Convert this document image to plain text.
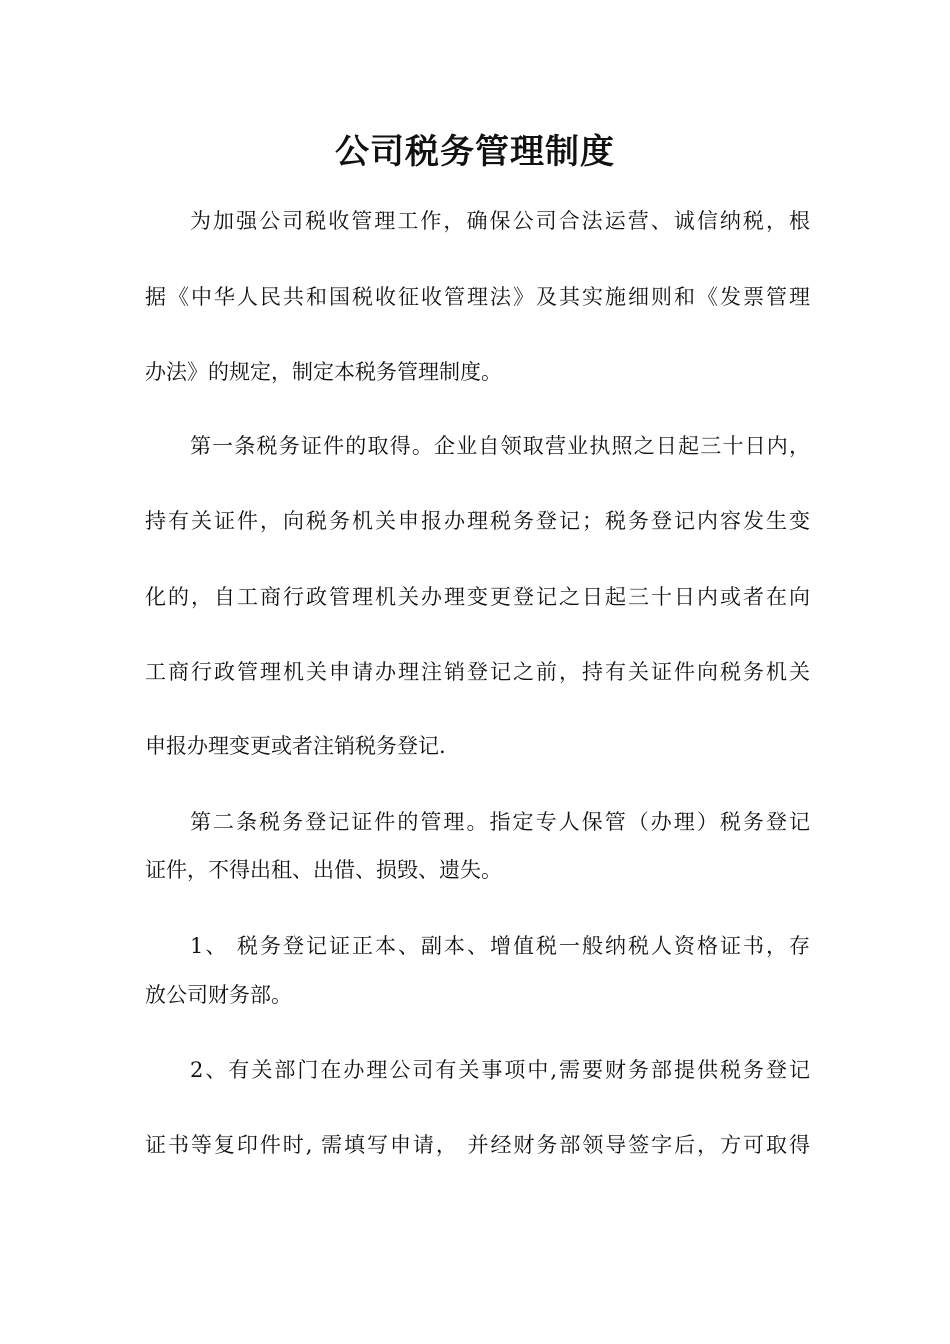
公司税务管理制度

为加强公司税收管理工作，确保公司合法运营、诚信纳税，根

据《中华人民共和国税收征收管理法》及其实施细则和《发票管理

办法》的规定，制定本税务管理制度。

第一条税务证件的取得。企业自领取营业执照之日起三十日内，

持有关证件，向税务机关申报办理税务登记；税务登记内容发生变

化的，自工商行政管理机关办理变更登记之日起三十日内或者在向

工商行政管理机关申请办理注销登记之前，持有关证件向税务机关

申报办理变更或者注销税务登记.

第二条税务登记证件的管理。指定专人保管（办理）税务登记

证件，不得出租、出借、损毁、遗失。

1、 税务登记证正本、副本、增值税一般纳税人资格证书，存

放公司财务部。

2、有关部门在办理公司有关事项中,需要财务部提供税务登记

证书等复印件时, 需填写申请， 并经财务部领导签字后，方可取得
